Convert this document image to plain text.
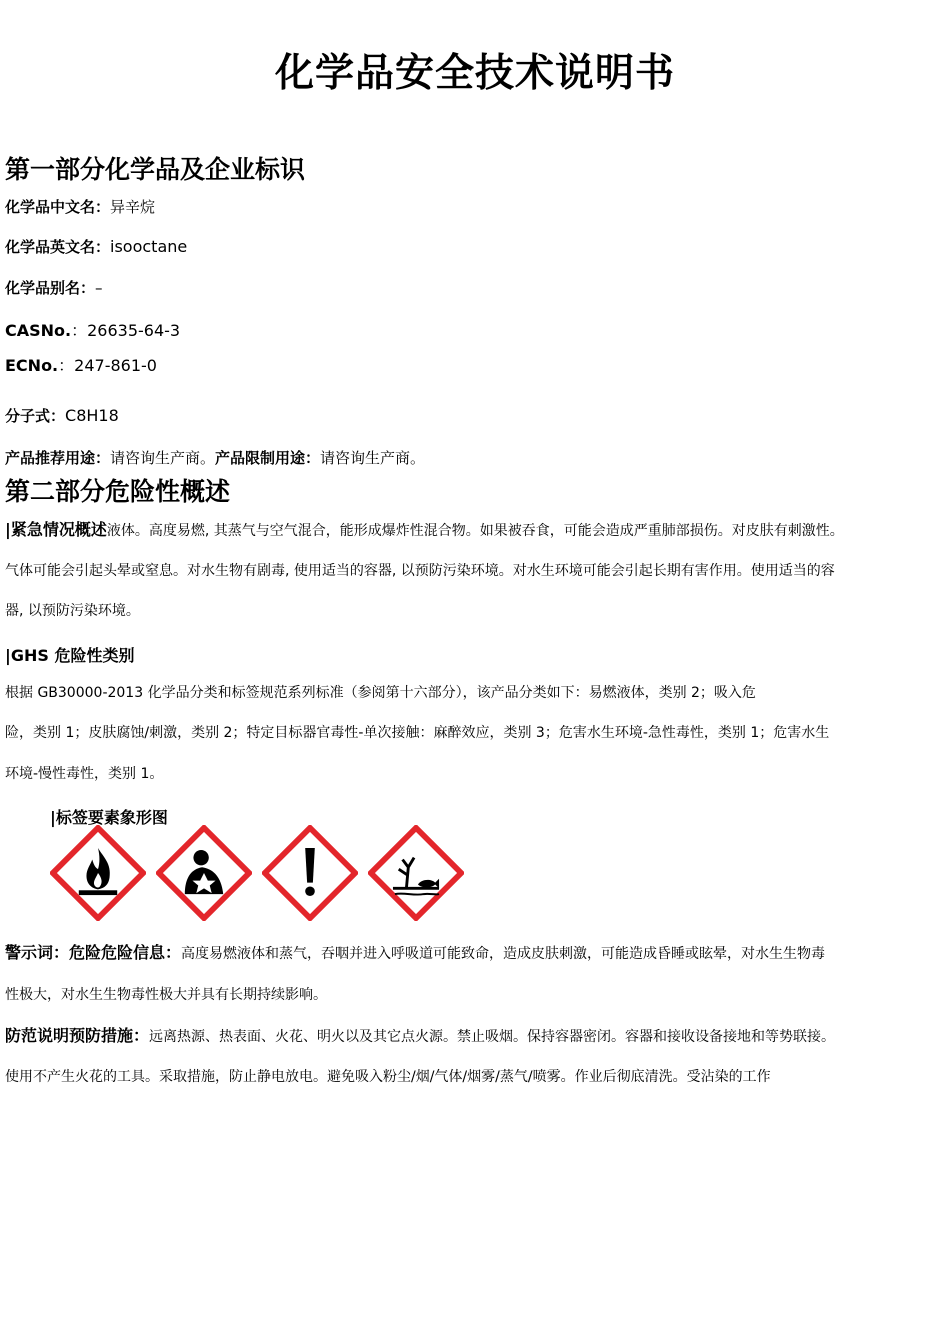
化学品安全技术说明书
第一部分化学品及企业标识
化学品中文名：异辛烷
化学品英文名：isooctane
化学品别名：–
CASNo.：26635-64-3
ECNo.：247-861-0
分子式：C8H18
产品推荐用途：请咨询生产商。产品限制用途：请咨询生产商。
第二部分危险性概述
|紧急情况概述液体。高度易燃, 其蒸气与空气混合，能形成爆炸性混合物。如果被吞食，可能会造成严重肺部损伤。对皮肤有刺激性。
气体可能会引起头晕或窒息。对水生物有剧毒, 使用适当的容器, 以预防污染环境。对水生环境可能会引起长期有害作用。使用适当的容
器, 以预防污染环境。
|GHS 危险性类别
根据 GB30000-2013 化学品分类和标签规范系列标准（参阅第十六部分），该产品分类如下：易燃液体，类别 2；吸入危
险，类别 1；皮肤腐蚀/刺激，类别 2；特定目标器官毒性-单次接触：麻醉效应，类别 3；危害水生环境-急性毒性，类别 1；危害水生
环境-慢性毒性，类别 1。
|标签要素象形图
警示词：危险危险信息：高度易燃液体和蒸气，吞咽并进入呼吸道可能致命，造成皮肤刺激，可能造成昏睡或眩晕，对水生生物毒
性极大，对水生生物毒性极大并具有长期持续影响。
防范说明预防措施：远离热源、热表面、火花、明火以及其它点火源。禁止吸烟。保持容器密闭。容器和接收设备接地和等势联接。
使用不产生火花的工具。采取措施，防止静电放电。避免吸入粉尘/烟/气体/烟雾/蒸气/喷雾。作业后彻底清洗。受沾染的工作
